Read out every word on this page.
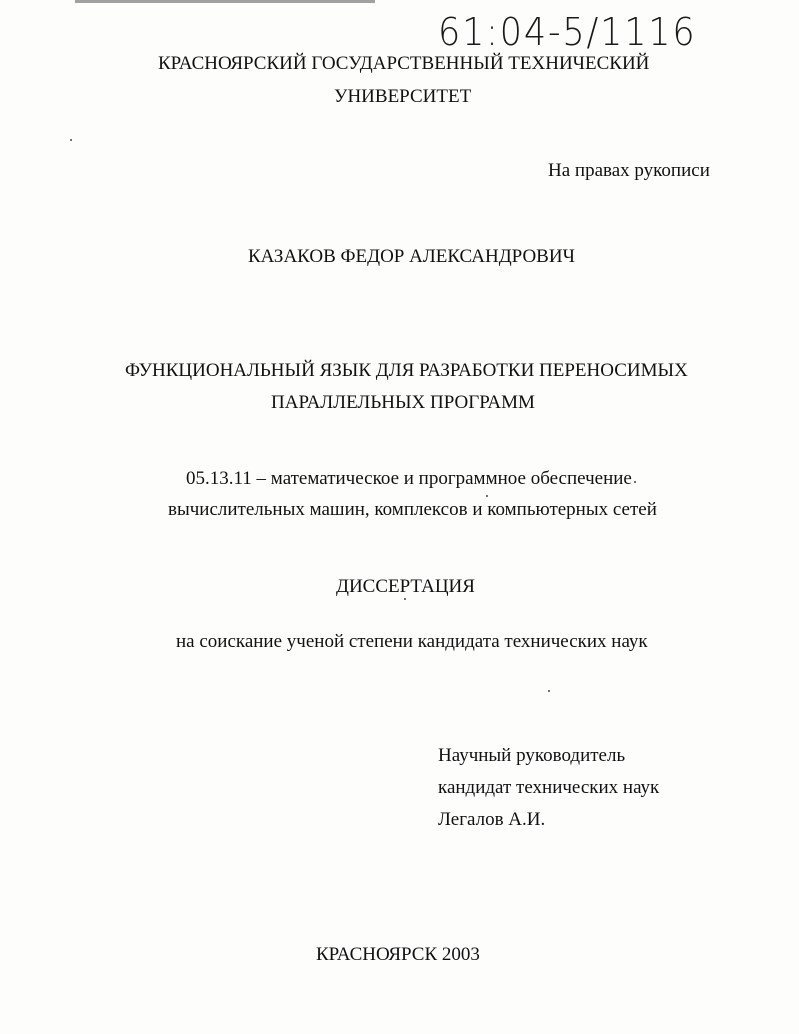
61:04-5/1116
КРАСНОЯРСКИЙ ГОСУДАРСТВЕННЫЙ ТЕХНИЧЕСКИЙ
УНИВЕРСИТЕТ
На правах рукописи
КАЗАКОВ ФЕДОР АЛЕКСАНДРОВИЧ
ФУНКЦИОНАЛЬНЫЙ ЯЗЫК ДЛЯ РАЗРАБОТКИ ПЕРЕНОСИМЫХ
ПАРАЛЛЕЛЬНЫХ ПРОГРАММ
05.13.11 – математическое и программное обеспечение
вычислительных машин, комплексов и компьютерных сетей
ДИССЕРТАЦИЯ
на соискание ученой степени кандидата технических наук
Научный руководитель
кандидат технических наук
Легалов А.И.
КРАСНОЯРСК 2003
